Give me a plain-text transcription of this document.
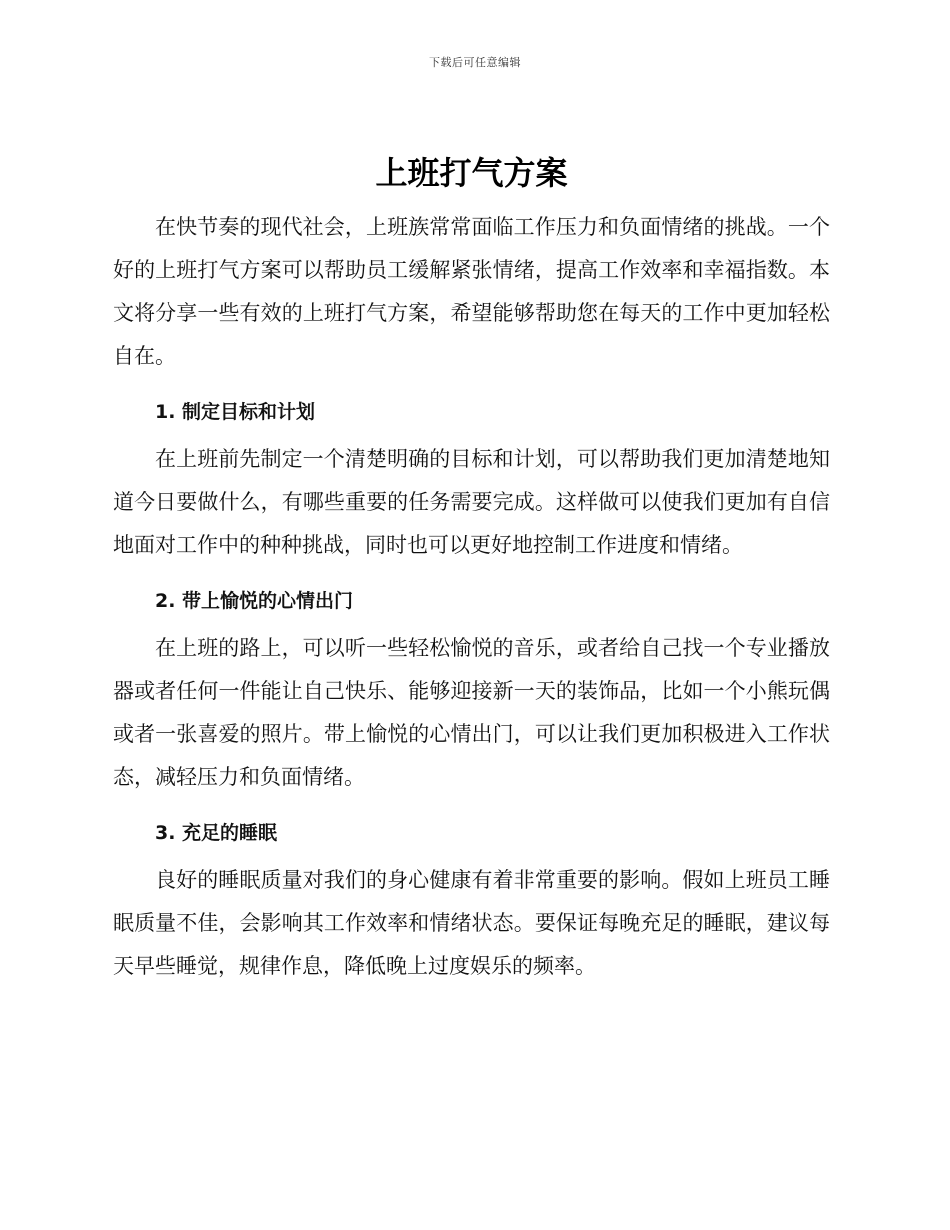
下载后可任意编辑
上班打气方案

在快节奏的现代社会，上班族常常面临工作压力和负面情绪的挑战。一个好的上班打气方案可以帮助员工缓解紧张情绪，提高工作效率和幸福指数。本文将分享一些有效的上班打气方案，希望能够帮助您在每天的工作中更加轻松自在。

1. 制定目标和计划

在上班前先制定一个清楚明确的目标和计划，可以帮助我们更加清楚地知道今日要做什么，有哪些重要的任务需要完成。这样做可以使我们更加有自信地面对工作中的种种挑战，同时也可以更好地控制工作进度和情绪。

2. 带上愉悦的心情出门

在上班的路上，可以听一些轻松愉悦的音乐，或者给自己找一个专业播放器或者任何一件能让自己快乐、能够迎接新一天的装饰品，比如一个小熊玩偶或者一张喜爱的照片。带上愉悦的心情出门，可以让我们更加积极进入工作状态，减轻压力和负面情绪。

3. 充足的睡眠

良好的睡眠质量对我们的身心健康有着非常重要的影响。假如上班员工睡眠质量不佳，会影响其工作效率和情绪状态。要保证每晚充足的睡眠，建议每天早些睡觉，规律作息，降低晚上过度娱乐的频率。
